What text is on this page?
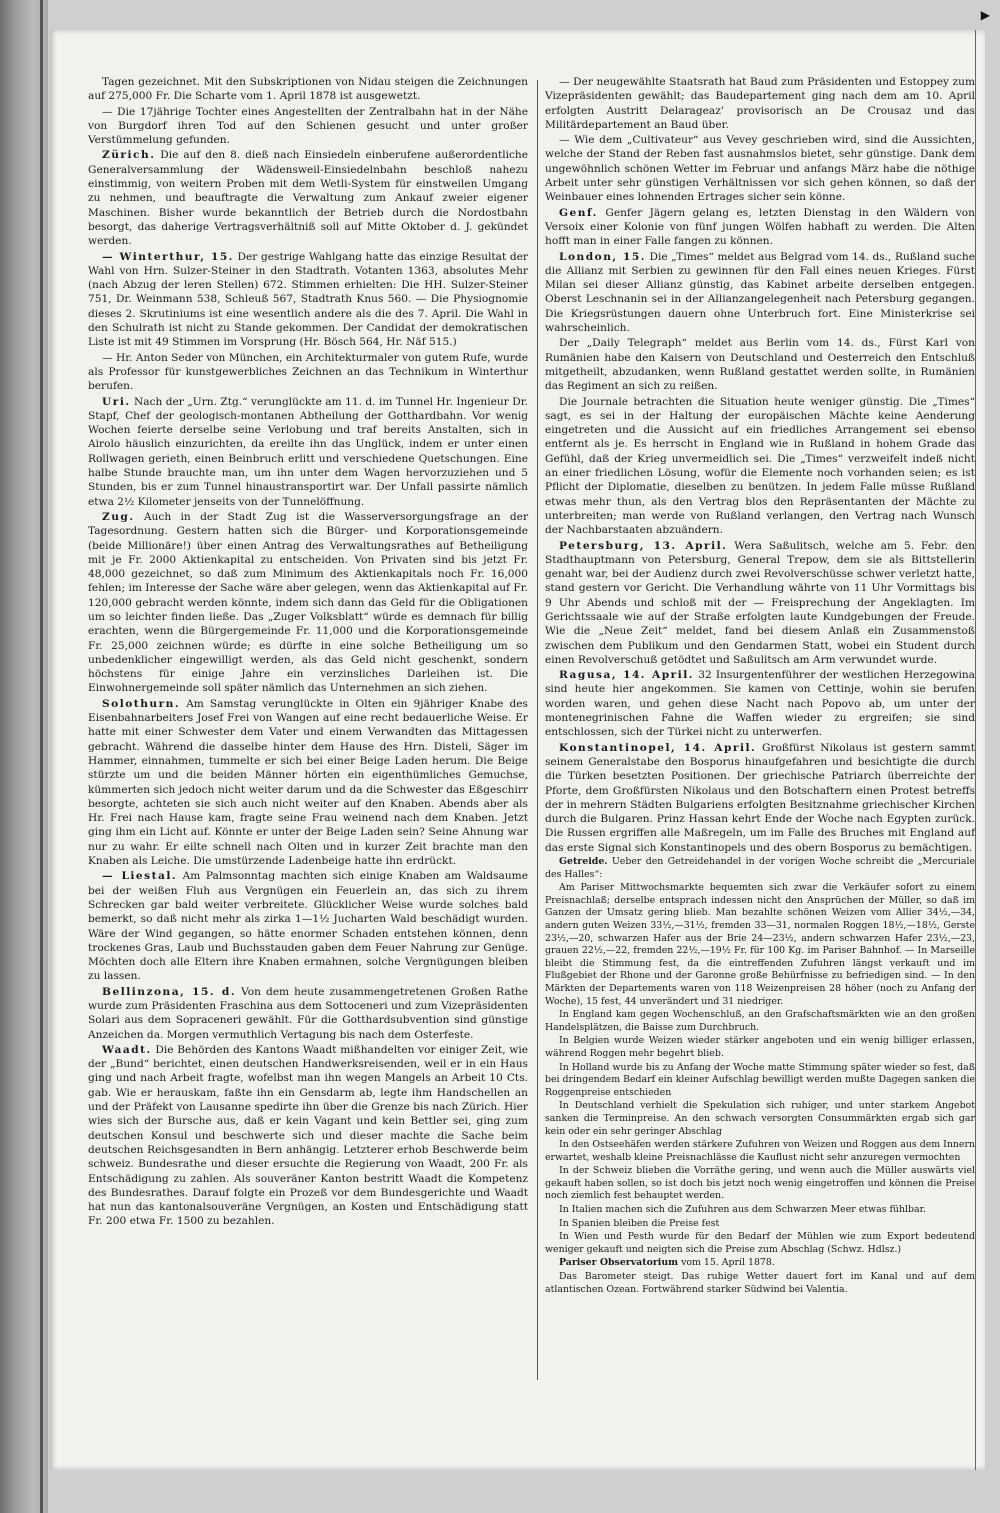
▶

Tagen gezeichnet. Mit den Subskriptionen von Nidau steigen die Zeichnungen auf 275,000 Fr. Die Scharte vom 1. April 1878 ist ausgewetzt.

— Die 17jährige Tochter eines Angestellten der Zentralbahn hat in der Nähe von Burgdorf ihren Tod auf den Schienen gesucht und unter großer Verstümmelung gefunden.

Zürich. Die auf den 8. dieß nach Einsiedeln einberufene außerordentliche Generalversammlung der Wädensweil-Einsiedelnbahn beschloß nahezu einstimmig, von weitern Proben mit dem Wetli-System für einstweilen Umgang zu nehmen, und beauftragte die Verwaltung zum Ankauf zweier eigener Maschinen. Bisher wurde bekanntlich der Betrieb durch die Nordostbahn besorgt, das daherige Vertragsverhältniß soll auf Mitte Oktober d. J. gekündet werden.

— Winterthur, 15. Der gestrige Wahlgang hatte das einzige Resultat der Wahl von Hrn. Sulzer-Steiner in den Stadtrath. Votanten 1363, absolutes Mehr (nach Abzug der leren Stellen) 672. Stimmen erhielten: Die HH. Sulzer-Steiner 751, Dr. Weinmann 538, Schleuß 567, Stadtrath Knus 560. — Die Physiognomie dieses 2. Skrutiniums ist eine wesentlich andere als die des 7. April. Die Wahl in den Schulrath ist nicht zu Stande gekommen. Der Candidat der demokratischen Liste ist mit 49 Stimmen im Vorsprung (Hr. Bösch 564, Hr. Näf 515.)

— Hr. Anton Seder von München, ein Architekturmaler von gutem Rufe, wurde als Professor für kunstgewerbliches Zeichnen an das Technikum in Winterthur berufen.

Uri. Nach der „Urn. Ztg.“ verunglückte am 11. d. im Tunnel Hr. Ingenieur Dr. Stapf, Chef der geologisch-montanen Abtheilung der Gotthardbahn. Vor wenig Wochen feierte derselbe seine Verlobung und traf bereits Anstalten, sich in Airolo häuslich einzurichten, da ereilte ihn das Unglück, indem er unter einen Rollwagen gerieth, einen Beinbruch erlitt und verschiedene Quetschungen. Eine halbe Stunde brauchte man, um ihn unter dem Wagen hervorzuziehen und 5 Stunden, bis er zum Tunnel hinaustransportirt war. Der Unfall passirte nämlich etwa 2½ Kilometer jenseits von der Tunnelöffnung.

Zug. Auch in der Stadt Zug ist die Wasserversorgungsfrage an der Tagesordnung. Gestern hatten sich die Bürger- und Korporationsgemeinde (beide Millionäre!) über einen Antrag des Verwaltungsrathes auf Betheiligung mit je Fr. 2000 Aktienkapital zu entscheiden. Von Privaten sind bis jetzt Fr. 48,000 gezeichnet, so daß zum Minimum des Aktienkapitals noch Fr. 16,000 fehlen; im Interesse der Sache wäre aber gelegen, wenn das Aktienkapital auf Fr. 120,000 gebracht werden könnte, indem sich dann das Geld für die Obligationen um so leichter finden ließe. Das „Zuger Volksblatt“ würde es demnach für billig erachten, wenn die Bürgergemeinde Fr. 11,000 und die Korporationsgemeinde Fr. 25,000 zeichnen würde; es dürfte in eine solche Betheiligung um so unbedenklicher eingewilligt werden, als das Geld nicht geschenkt, sondern höchstens für einige Jahre ein verzinsliches Darleihen ist. Die Einwohnergemeinde soll später nämlich das Unternehmen an sich ziehen.

Solothurn. Am Samstag verunglückte in Olten ein 9jähriger Knabe des Eisenbahnarbeiters Josef Frei von Wangen auf eine recht bedauerliche Weise. Er hatte mit einer Schwester dem Vater und einem Verwandten das Mittagessen gebracht. Während die dasselbe hinter dem Hause des Hrn. Disteli, Säger im Hammer, einnahmen, tummelte er sich bei einer Beige Laden herum. Die Beige stürzte um und die beiden Männer hörten ein eigenthümliches Gemuchse, kümmerten sich jedoch nicht weiter darum und da die Schwester das Eßgeschirr besorgte, achteten sie sich auch nicht weiter auf den Knaben. Abends aber als Hr. Frei nach Hause kam, fragte seine Frau weinend nach dem Knaben. Jetzt ging ihm ein Licht auf. Könnte er unter der Beige Laden sein? Seine Ahnung war nur zu wahr. Er eilte schnell nach Olten und in kurzer Zeit brachte man den Knaben als Leiche. Die umstürzende Ladenbeige hatte ihn erdrückt.

— Liestal. Am Palmsonntag machten sich einige Knaben am Waldsaume bei der weißen Fluh aus Vergnügen ein Feuerlein an, das sich zu ihrem Schrecken gar bald weiter verbreitete. Glücklicher Weise wurde solches bald bemerkt, so daß nicht mehr als zirka 1—1½ Jucharten Wald beschädigt wurden. Wäre der Wind gegangen, so hätte enormer Schaden entstehen können, denn trockenes Gras, Laub und Buchsstauden gaben dem Feuer Nahrung zur Genüge. Möchten doch alle Eltern ihre Knaben ermahnen, solche Vergnügungen bleiben zu lassen.

Bellinzona, 15. d. Von dem heute zusammengetretenen Großen Rathe wurde zum Präsidenten Fraschina aus dem Sottoceneri und zum Vizepräsidenten Solari aus dem Sopraceneri gewählt. Für die Gotthardsubvention sind günstige Anzeichen da. Morgen vermuthlich Vertagung bis nach dem Osterfeste.

Waadt. Die Behörden des Kantons Waadt mißhandelten vor einiger Zeit, wie der „Bund“ berichtet, einen deutschen Handwerksreisenden, weil er in ein Haus ging und nach Arbeit fragte, wofelbst man ihn wegen Mangels an Arbeit 10 Cts. gab. Wie er herauskam, faßte ihn ein Gensdarm ab, legte ihm Handschellen an und der Präfekt von Lausanne spedirte ihn über die Grenze bis nach Zürich. Hier wies sich der Bursche aus, daß er kein Vagant und kein Bettler sei, ging zum deutschen Konsul und beschwerte sich und dieser machte die Sache beim deutschen Reichsgesandten in Bern anhängig. Letzterer erhob Beschwerde beim schweiz. Bundesrathe und dieser ersuchte die Regierung von Waadt, 200 Fr. als Entschädigung zu zahlen. Als souveräner Kanton bestritt Waadt die Kompetenz des Bundesrathes. Darauf folgte ein Prozeß vor dem Bundesgerichte und Waadt hat nun das kantonalsouveräne Vergnügen, an Kosten und Entschädigung statt Fr. 200 etwa Fr. 1500 zu bezahlen.

— Der neugewählte Staatsrath hat Baud zum Präsidenten und Estoppey zum Vizepräsidenten gewählt; das Baudepartement ging nach dem am 10. April erfolgten Austritt Delarageaz’ provisorisch an De Crousaz und das Militärdepartement an Baud über.

— Wie dem „Cultivateur“ aus Vevey geschrieben wird, sind die Aussichten, welche der Stand der Reben fast ausnahmslos bietet, sehr günstige. Dank dem ungewöhnlich schönen Wetter im Februar und anfangs März habe die nöthige Arbeit unter sehr günstigen Verhältnissen vor sich gehen können, so daß der Weinbauer eines lohnenden Ertrages sicher sein könne.

Genf. Genfer Jägern gelang es, letzten Dienstag in den Wäldern von Versoix einer Kolonie von fünf jungen Wölfen habhaft zu werden. Die Alten hofft man in einer Falle fangen zu können.

London, 15. Die „Times“ meldet aus Belgrad vom 14. ds., Rußland suche die Allianz mit Serbien zu gewinnen für den Fall eines neuen Krieges. Fürst Milan sei dieser Allianz günstig, das Kabinet arbeite derselben entgegen. Oberst Leschnanin sei in der Allianzangelegenheit nach Petersburg gegangen. Die Kriegsrüstungen dauern ohne Unterbruch fort. Eine Ministerkrise sei wahrscheinlich.

Der „Daily Telegraph“ meldet aus Berlin vom 14. ds., Fürst Karl von Rumänien habe den Kaisern von Deutschland und Oesterreich den Entschluß mitgetheilt, abzudanken, wenn Rußland gestattet werden sollte, in Rumänien das Regiment an sich zu reißen.

Die Journale betrachten die Situation heute weniger günstig. Die „Times“ sagt, es sei in der Haltung der europäischen Mächte keine Aenderung eingetreten und die Aussicht auf ein friedliches Arrangement sei ebenso entfernt als je. Es herrscht in England wie in Rußland in hohem Grade das Gefühl, daß der Krieg unvermeidlich sei. Die „Times“ verzweifelt indeß nicht an einer friedlichen Lösung, wofür die Elemente noch vorhanden seien; es ist Pflicht der Diplomatie, dieselben zu benützen. In jedem Falle müsse Rußland etwas mehr thun, als den Vertrag blos den Repräsentanten der Mächte zu unterbreiten; man werde von Rußland verlangen, den Vertrag nach Wunsch der Nachbarstaaten abzuändern.

Petersburg, 13. April. Wera Saßulitsch, welche am 5. Febr. den Stadthauptmann von Petersburg, General Trepow, dem sie als Bittstellerin genaht war, bei der Audienz durch zwei Revolverschüsse schwer verletzt hatte, stand gestern vor Gericht. Die Verhandlung währte von 11 Uhr Vormittags bis 9 Uhr Abends und schloß mit der — Freisprechung der Angeklagten. Im Gerichtssaale wie auf der Straße erfolgten laute Kundgebungen der Freude. Wie die „Neue Zeit“ meldet, fand bei diesem Anlaß ein Zusammenstoß zwischen dem Publikum und den Gendarmen Statt, wobei ein Student durch einen Revolverschuß getödtet und Saßulitsch am Arm verwundet wurde.

Ragusa, 14. April. 32 Insurgentenführer der westlichen Herzegowina sind heute hier angekommen. Sie kamen von Cettinje, wohin sie berufen worden waren, und gehen diese Nacht nach Popovo ab, um unter der montenegrinischen Fahne die Waffen wieder zu ergreifen; sie sind entschlossen, sich der Türkei nicht zu unterwerfen.

Konstantinopel, 14. April. Großfürst Nikolaus ist gestern sammt seinem Generalstabe den Bosporus hinaufgefahren und besichtigte die durch die Türken besetzten Positionen. Der griechische Patriarch überreichte der Pforte, dem Großfürsten Nikolaus und den Botschaftern einen Protest betreffs der in mehrern Städten Bulgariens erfolgten Besitznahme griechischer Kirchen durch die Bulgaren. Prinz Hassan kehrt Ende der Woche nach Egypten zurück. Die Russen ergriffen alle Maßregeln, um im Falle des Bruches mit England auf das erste Signal sich Konstantinopels und des obern Bosporus zu bemächtigen.

Getreide. Ueber den Getreidehandel in der vorigen Woche schreibt die „Mercuriale des Halles“:

Am Pariser Mittwochsmarkte bequemten sich zwar die Verkäufer sofort zu einem Preisnachlaß; derselbe entsprach indessen nicht den Ansprüchen der Müller, so daß im Ganzen der Umsatz gering blieb. Man bezahlte schönen Weizen vom Allier 34½,—34, andern guten Weizen 33½,—31½, fremden 33—31, normalen Roggen 18½,—18½, Gerste 23½,—20, schwarzen Hafer aus der Brie 24—23½, andern schwarzen Hafer 23½,—23, grauen 22½,—22, fremden 22½,—19½ Fr. für 100 Kg. im Pariser Bahnhof. — In Marseille bleibt die Stimmung fest, da die eintreffenden Zufuhren längst verkauft und im Flußgebiet der Rhone und der Garonne große Behürfnisse zu befriedigen sind. — In den Märkten der Departements waren von 118 Weizenpreisen 28 höher (noch zu Anfang der Woche), 15 fest, 44 unverändert und 31 niedriger.

In England kam gegen Wochenschluß, an den Grafschaftsmärkten wie an den großen Handelsplätzen, die Baisse zum Durchbruch.

In Belgien wurde Weizen wieder stärker angeboten und ein wenig billiger erlassen, während Roggen mehr begehrt blieb.

In Holland wurde bis zu Anfang der Woche matte Stimmung später wieder so fest, daß bei dringendem Bedarf ein kleiner Aufschlag bewilligt werden mußte Dagegen sanken die Roggenpreise entschieden

In Deutschland verhielt die Spekulation sich ruhiger, und unter starkem Angebot sanken die Terminpreise. An den schwach versorgten Consummärkten ergab sich gar kein oder ein sehr geringer Abschlag

In den Ostseehäfen werden stärkere Zufuhren von Weizen und Roggen aus dem Innern erwartet, weshalb kleine Preisnachlässe die Kauflust nicht sehr anzuregen vermochten

In der Schweiz blieben die Vorräthe gering, und wenn auch die Müller auswärts viel gekauft haben sollen, so ist doch bis jetzt noch wenig eingetroffen und können die Preise noch ziemlich fest behauptet werden.

In Italien machen sich die Zufuhren aus dem Schwarzen Meer etwas fühlbar.

In Spanien bleiben die Preise fest

In Wien und Pesth wurde für den Bedarf der Mühlen wie zum Export bedeutend weniger gekauft und neigten sich die Preise zum Abschlag (Schwz. Hdlsz.)

Pariser Observatorium vom 15. April 1878.

Das Barometer steigt. Das ruhige Wetter dauert fort im Kanal und auf dem atlantischen Ozean. Fortwährend starker Südwind bei Valentia.
